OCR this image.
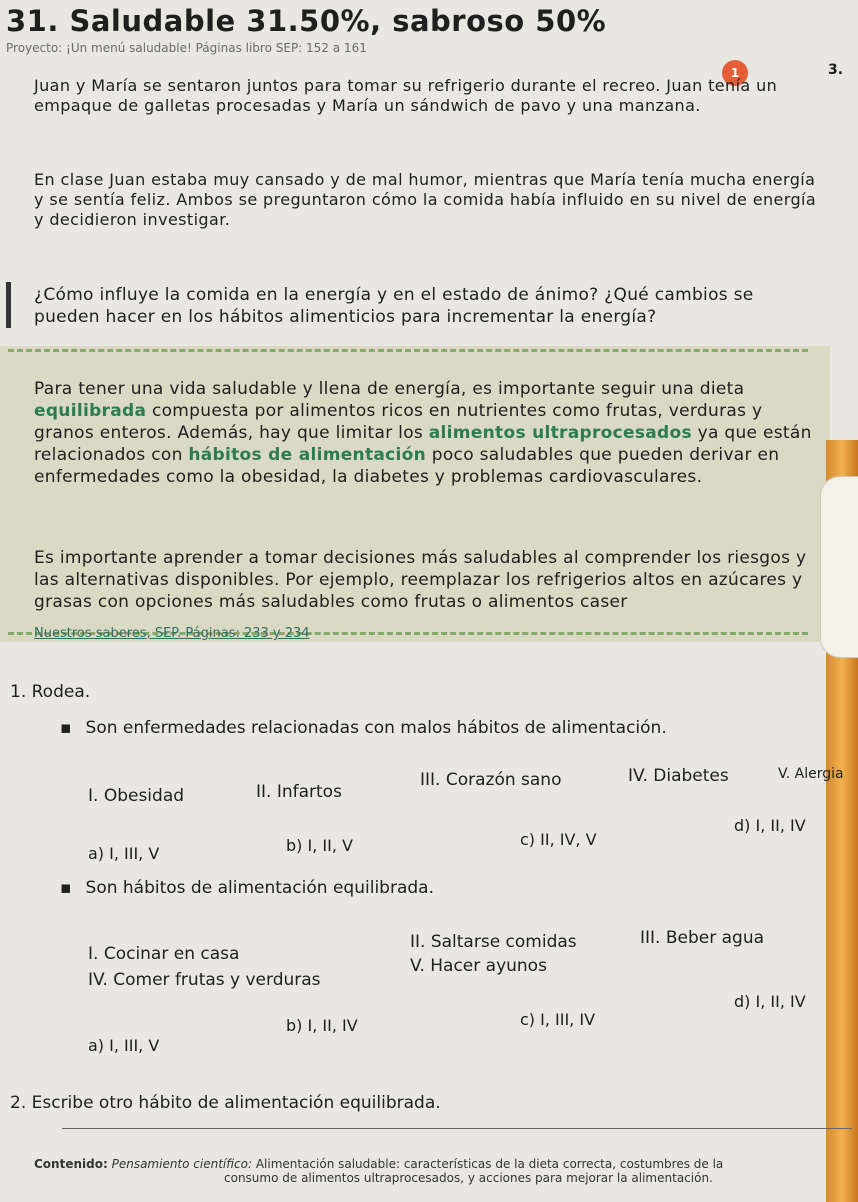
31. Saludable 31.50%, sabroso 50%
Proyecto: ¡Un menú saludable! Páginas libro SEP: 152 a 161
1	3.
Juan y María se sentaron juntos para tomar su refrigerio durante el recreo. Juan tenía un empaque de galletas procesadas y María un sándwich de pavo y una manzana.
En clase Juan estaba muy cansado y de mal humor, mientras que María tenía mucha energía y se sentía feliz. Ambos se preguntaron cómo la comida había influido en su nivel de energía y decidieron investigar.
¿Cómo influye la comida en la energía y en el estado de ánimo? ¿Qué cambios se pueden hacer en los hábitos alimenticios para incrementar la energía?
Para tener una vida saludable y llena de energía, es importante seguir una dieta equilibrada compuesta por alimentos ricos en nutrientes como frutas, verduras y granos enteros. Además, hay que limitar los alimentos ultraprocesados ya que están relacionados con hábitos de alimentación poco saludables que pueden derivar en enfermedades como la obesidad, la diabetes y problemas cardiovasculares.
Es importante aprender a tomar decisiones más saludables al comprender los riesgos y las alternativas disponibles. Por ejemplo, reemplazar los refrigerios altos en azúcares y grasas con opciones más saludables como frutas o alimentos caser
Nuestros saberes, SEP. Páginas: 233 y 234
1. Rodea.
▪ Son enfermedades relacionadas con malos hábitos de alimentación.
I. Obesidad	II. Infartos
III. Corazón sano	IV. Diabetes	V. Alergia
a) I, III, V	b) I, II, V	c) II, IV, V
d) I, II, IV
▪ Son hábitos de alimentación equilibrada.
I. Cocinar en casa
II. Saltarse comidas	III. Beber agua
IV. Comer frutas y verduras
V. Hacer ayunos
a) I, III, V
b) I, II, IV	c) I, III, IV
d) I, II, IV
2. Escribe otro hábito de alimentación equilibrada.
Contenido: Pensamiento científico: Alimentación saludable: características de la dieta correcta, costumbres de la
consumo de alimentos ultraprocesados, y acciones para mejorar la alimentación.
